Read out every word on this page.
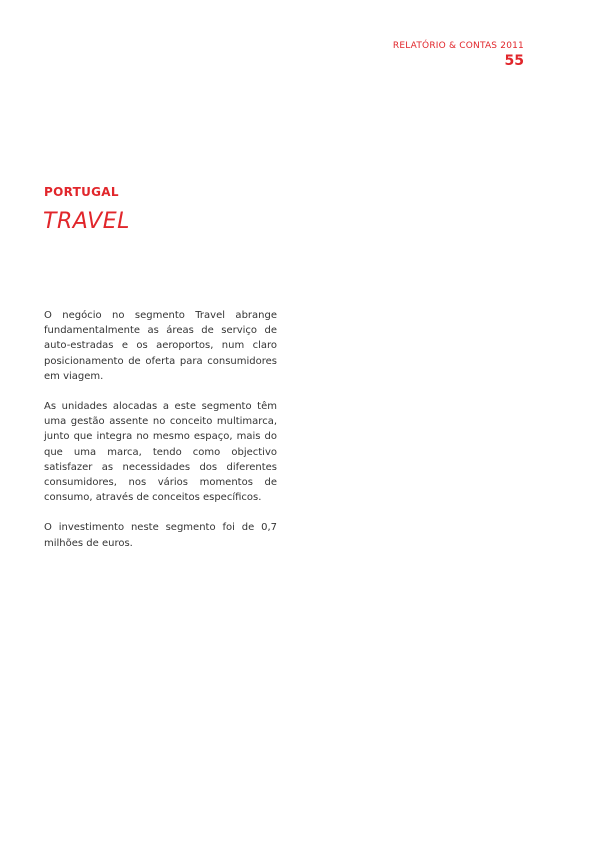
RELATÓRIO & CONTAS 2011
55
PORTUGAL
TRAVEL

O negócio no segmento Travel abrange fundamentalmente as áreas de serviço de auto-estradas e os aeroportos, num claro posicionamento de oferta para consumidores em viagem.

As unidades alocadas a este segmento têm uma gestão assente no conceito multimarca, junto que integra no mesmo espaço, mais do que uma marca, tendo como objectivo satisfazer as necessidades dos diferentes consumidores, nos vários momentos de consumo, através de conceitos específicos.

O investimento neste segmento foi de 0,7 milhões de euros.
